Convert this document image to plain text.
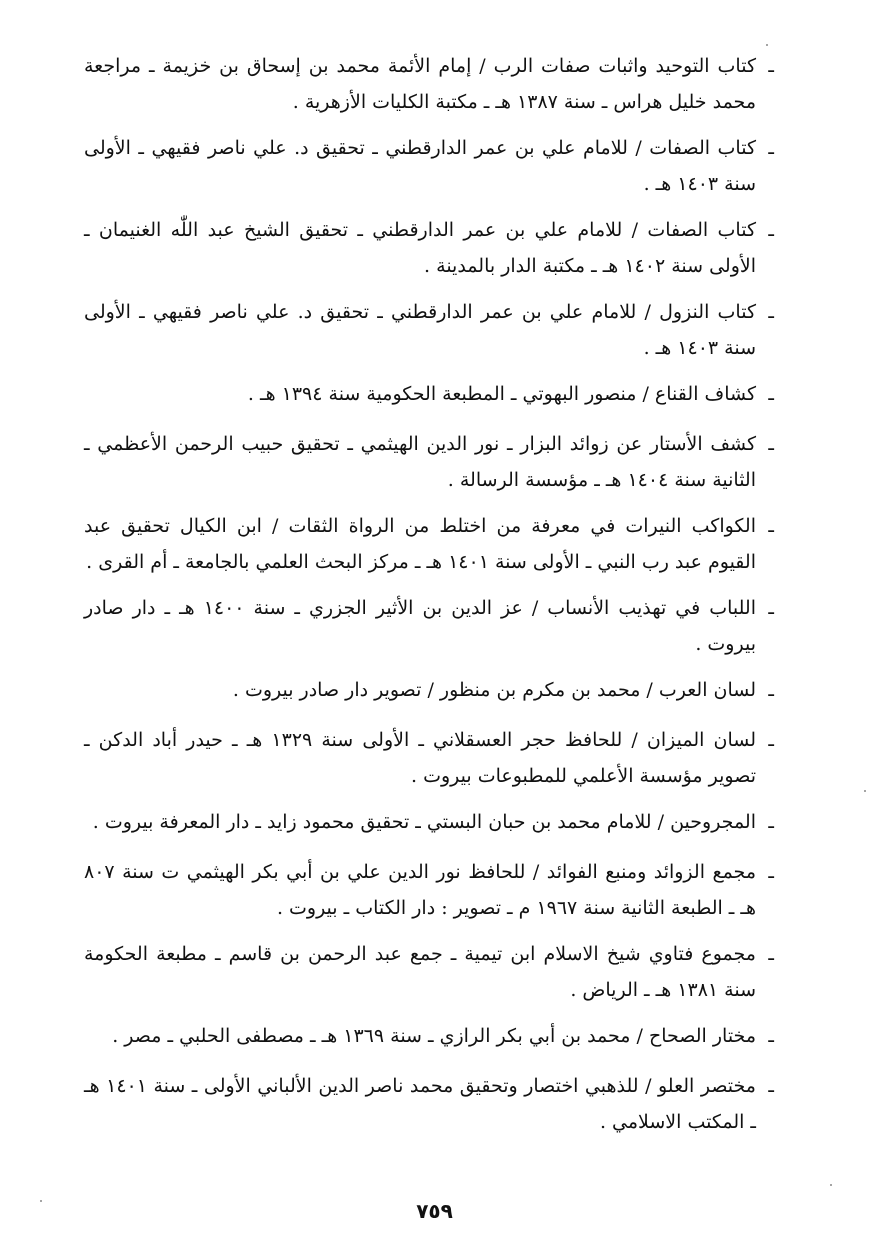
ـ
كتاب التوحيد واثبات صفات الرب / إمام الأئمة محمد بن إسحاق بن خزيمة ـ مراجعة محمد خليل هراس ـ سنة ١٣٨٧ هـ ـ مكتبة الكليات الأزهرية .
ـ
كتاب الصفات / للامام علي بن عمر الدارقطني ـ تحقيق د. علي ناصر فقيهي ـ الأولى سنة ١٤٠٣ هـ .
ـ
كتاب الصفات / للامام علي بن عمر الدارقطني ـ تحقيق الشيخ عبد اللّٰه الغنيمان ـ الأولى سنة ١٤٠٢ هـ ـ مكتبة الدار بالمدينة .
ـ
كتاب النزول / للامام علي بن عمر الدارقطني ـ تحقيق د. علي ناصر فقيهي ـ الأولى سنة ١٤٠٣ هـ .
ـ
كشاف القناع / منصور البهوتي ـ المطبعة الحكومية سنة ١٣٩٤ هـ .
ـ
كشف الأستار عن زوائد البزار ـ نور الدين الهيثمي ـ تحقيق حبيب الرحمن الأعظمي ـ الثانية سنة ١٤٠٤ هـ ـ مؤسسة الرسالة .
ـ
الكواكب النيرات في معرفة من اختلط من الرواة الثقات / ابن الكيال تحقيق عبد القيوم عبد رب النبي ـ الأولى سنة ١٤٠١ هـ ـ مركز البحث العلمي بالجامعة ـ أم القرى .
ـ
اللباب في تهذيب الأنساب / عز الدين بن الأثير الجزري ـ سنة ١٤٠٠ هـ ـ دار صادر بيروت .
ـ
لسان العرب / محمد بن مكرم بن منظور / تصوير دار صادر بيروت .
ـ
لسان الميزان / للحافظ حجر العسقلاني ـ الأولى سنة ١٣٢٩ هـ ـ حيدر أباد الدكن ـ تصوير مؤسسة الأعلمي للمطبوعات بيروت .
ـ
المجروحين / للامام محمد بن حبان البستي ـ تحقيق محمود زايد ـ دار المعرفة بيروت .
ـ
مجمع الزوائد ومنبع الفوائد / للحافظ نور الدين علي بن أبي بكر الهيثمي ت سنة ٨٠٧ هـ ـ الطبعة الثانية سنة ١٩٦٧ م ـ تصوير : دار الكتاب ـ بيروت .
ـ
مجموع فتاوي شيخ الاسلام ابن تيمية ـ جمع عبد الرحمن بن قاسم ـ مطبعة الحكومة سنة ١٣٨١ هـ ـ الرياض .
ـ
مختار الصحاح / محمد بن أبي بكر الرازي ـ سنة ١٣٦٩ هـ ـ مصطفى الحلبي ـ مصر .
ـ
مختصر العلو / للذهبي اختصار وتحقيق محمد ناصر الدين الألباني الأولى ـ سنة ١٤٠١ هـ ـ المكتب الاسلامي .
٧٥٩
